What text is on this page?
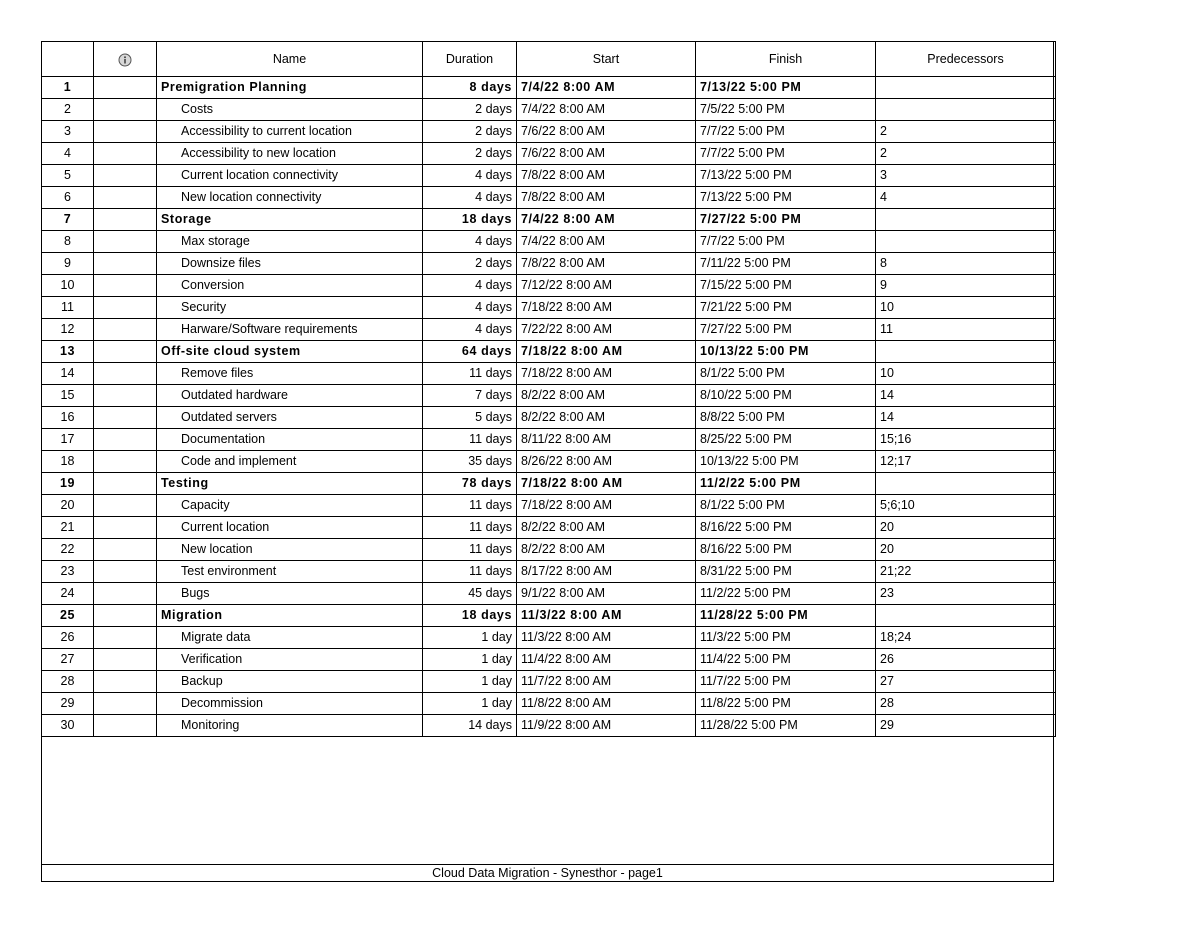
		Name	Duration	Start	Finish	Predecessors
1		Premigration Planning	8 days	7/4/22 8:00 AM	7/13/22 5:00 PM	
2		Costs	2 days	7/4/22 8:00 AM	7/5/22 5:00 PM	
3		Accessibility to current location	2 days	7/6/22 8:00 AM	7/7/22 5:00 PM	2
4		Accessibility to new location	2 days	7/6/22 8:00 AM	7/7/22 5:00 PM	2
5		Current location connectivity	4 days	7/8/22 8:00 AM	7/13/22 5:00 PM	3
6		New location connectivity	4 days	7/8/22 8:00 AM	7/13/22 5:00 PM	4
7		Storage	18 days	7/4/22 8:00 AM	7/27/22 5:00 PM	
8		Max storage	4 days	7/4/22 8:00 AM	7/7/22 5:00 PM	
9		Downsize files	2 days	7/8/22 8:00 AM	7/11/22 5:00 PM	8
10		Conversion	4 days	7/12/22 8:00 AM	7/15/22 5:00 PM	9
11		Security	4 days	7/18/22 8:00 AM	7/21/22 5:00 PM	10
12		Harware/Software requirements	4 days	7/22/22 8:00 AM	7/27/22 5:00 PM	11
13		Off-site cloud system	64 days	7/18/22 8:00 AM	10/13/22 5:00 PM	
14		Remove files	11 days	7/18/22 8:00 AM	8/1/22 5:00 PM	10
15		Outdated hardware	7 days	8/2/22 8:00 AM	8/10/22 5:00 PM	14
16		Outdated servers	5 days	8/2/22 8:00 AM	8/8/22 5:00 PM	14
17		Documentation	11 days	8/11/22 8:00 AM	8/25/22 5:00 PM	15;16
18		Code and implement	35 days	8/26/22 8:00 AM	10/13/22 5:00 PM	12;17
19		Testing	78 days	7/18/22 8:00 AM	11/2/22 5:00 PM	
20		Capacity	11 days	7/18/22 8:00 AM	8/1/22 5:00 PM	5;6;10
21		Current location	11 days	8/2/22 8:00 AM	8/16/22 5:00 PM	20
22		New location	11 days	8/2/22 8:00 AM	8/16/22 5:00 PM	20
23		Test environment	11 days	8/17/22 8:00 AM	8/31/22 5:00 PM	21;22
24		Bugs	45 days	9/1/22 8:00 AM	11/2/22 5:00 PM	23
25		Migration	18 days	11/3/22 8:00 AM	11/28/22 5:00 PM	
26		Migrate data	1 day	11/3/22 8:00 AM	11/3/22 5:00 PM	18;24
27		Verification	1 day	11/4/22 8:00 AM	11/4/22 5:00 PM	26
28		Backup	1 day	11/7/22 8:00 AM	11/7/22 5:00 PM	27
29		Decommission	1 day	11/8/22 8:00 AM	11/8/22 5:00 PM	28
30		Monitoring	14 days	11/9/22 8:00 AM	11/28/22 5:00 PM	29
Cloud Data Migration - Synesthor - page1
